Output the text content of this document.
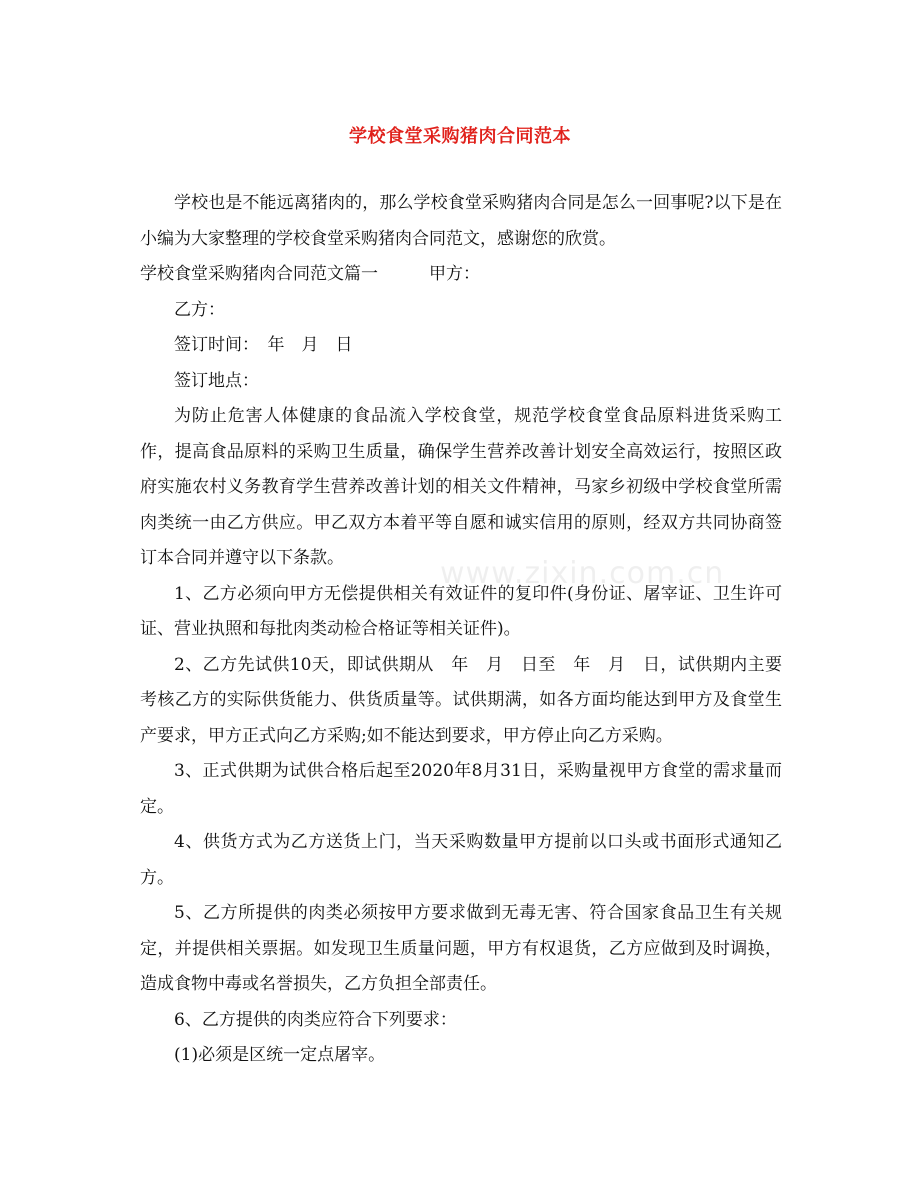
学校食堂采购猪肉合同范本
www.zixin.com.cn

学校也是不能远离猪肉的，那么学校食堂采购猪肉合同是怎么一回事呢?以下是在小编为大家整理的学校食堂采购猪肉合同范文，感谢您的欣赏。

学校食堂采购猪肉合同范文篇一　　　甲方：

乙方：

签订时间：　年　月　日

签订地点：

为防止危害人体健康的食品流入学校食堂，规范学校食堂食品原料进货采购工作，提高食品原料的采购卫生质量，确保学生营养改善计划安全高效运行，按照区政府实施农村义务教育学生营养改善计划的相关文件精神，马家乡初级中学校食堂所需肉类统一由乙方供应。甲乙双方本着平等自愿和诚实信用的原则，经双方共同协商签订本合同并遵守以下条款。

1、乙方必须向甲方无偿提供相关有效证件的复印件(身份证、屠宰证、卫生许可证、营业执照和每批肉类动检合格证等相关证件)。

2、乙方先试供10天，即试供期从　年　月　日至　年　月　日，试供期内主要考核乙方的实际供货能力、供货质量等。试供期满，如各方面均能达到甲方及食堂生产要求，甲方正式向乙方采购;如不能达到要求，甲方停止向乙方采购。

3、正式供期为试供合格后起至2020年8月31日，采购量视甲方食堂的需求量而定。

4、供货方式为乙方送货上门，当天采购数量甲方提前以口头或书面形式通知乙方。

5、乙方所提供的肉类必须按甲方要求做到无毒无害、符合国家食品卫生有关规定，并提供相关票据。如发现卫生质量问题，甲方有权退货，乙方应做到及时调换，造成食物中毒或名誉损失，乙方负担全部责任。

6、乙方提供的肉类应符合下列要求：

(1)必须是区统一定点屠宰。
